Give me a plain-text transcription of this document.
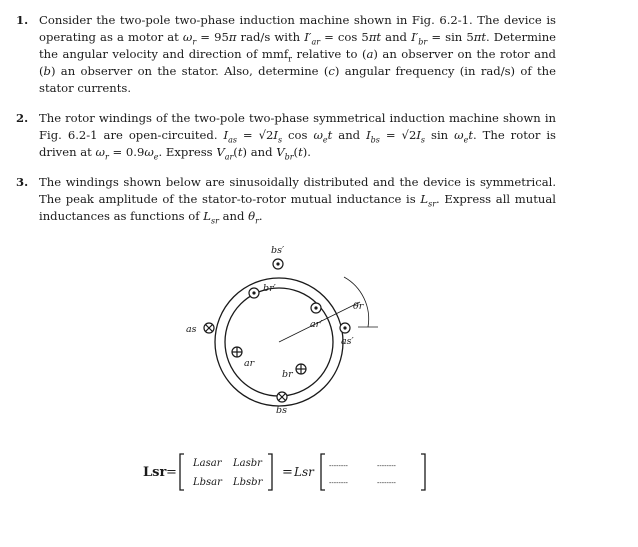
1. Consider the two-pole two-phase induction machine shown in Fig. 6.2-1. The device is operating as a motor at $\omega_r = 95\pi$ rad/s with $I'_{ar} = \cos 5\pi t$ and $I'_{br} = \sin 5\pi t$. Determine the angular velocity and direction of mmf$_r$ relative to (a) an observer on the rotor and (b) an observer on the stator. Also, determine (c) angular frequency (in rad/s) of the stator currents.
2. The rotor windings of the two-pole two-phase symmetrical induction machine shown in Fig. 6.2-1 are open-circuited. $I_{as} = √2I_s$ $\cos \omega_et$ and $I_{bs} = √2I_s$ $\sin \omega_et$. The rotor is driven at $\omega_r = 0.9\omega_e$. Express $V_{ar}(t)$ and $V_{br}(t)$.
3. The windings shown below are sinusoidally distributed and the device is symmetrical. The peak amplitude of the stator-to-rotor mutual inductance is $L_{sr}$. Express all mutual inductances as functions of $L_{sr}$ and $\theta_r$.
bs′
br′
ar′
as′
as
ar
br
bs
θr
Lsr =	= Lsr
Lasar Lasbr
Lbsar Lbsbr
--------	--------
--------	--------
